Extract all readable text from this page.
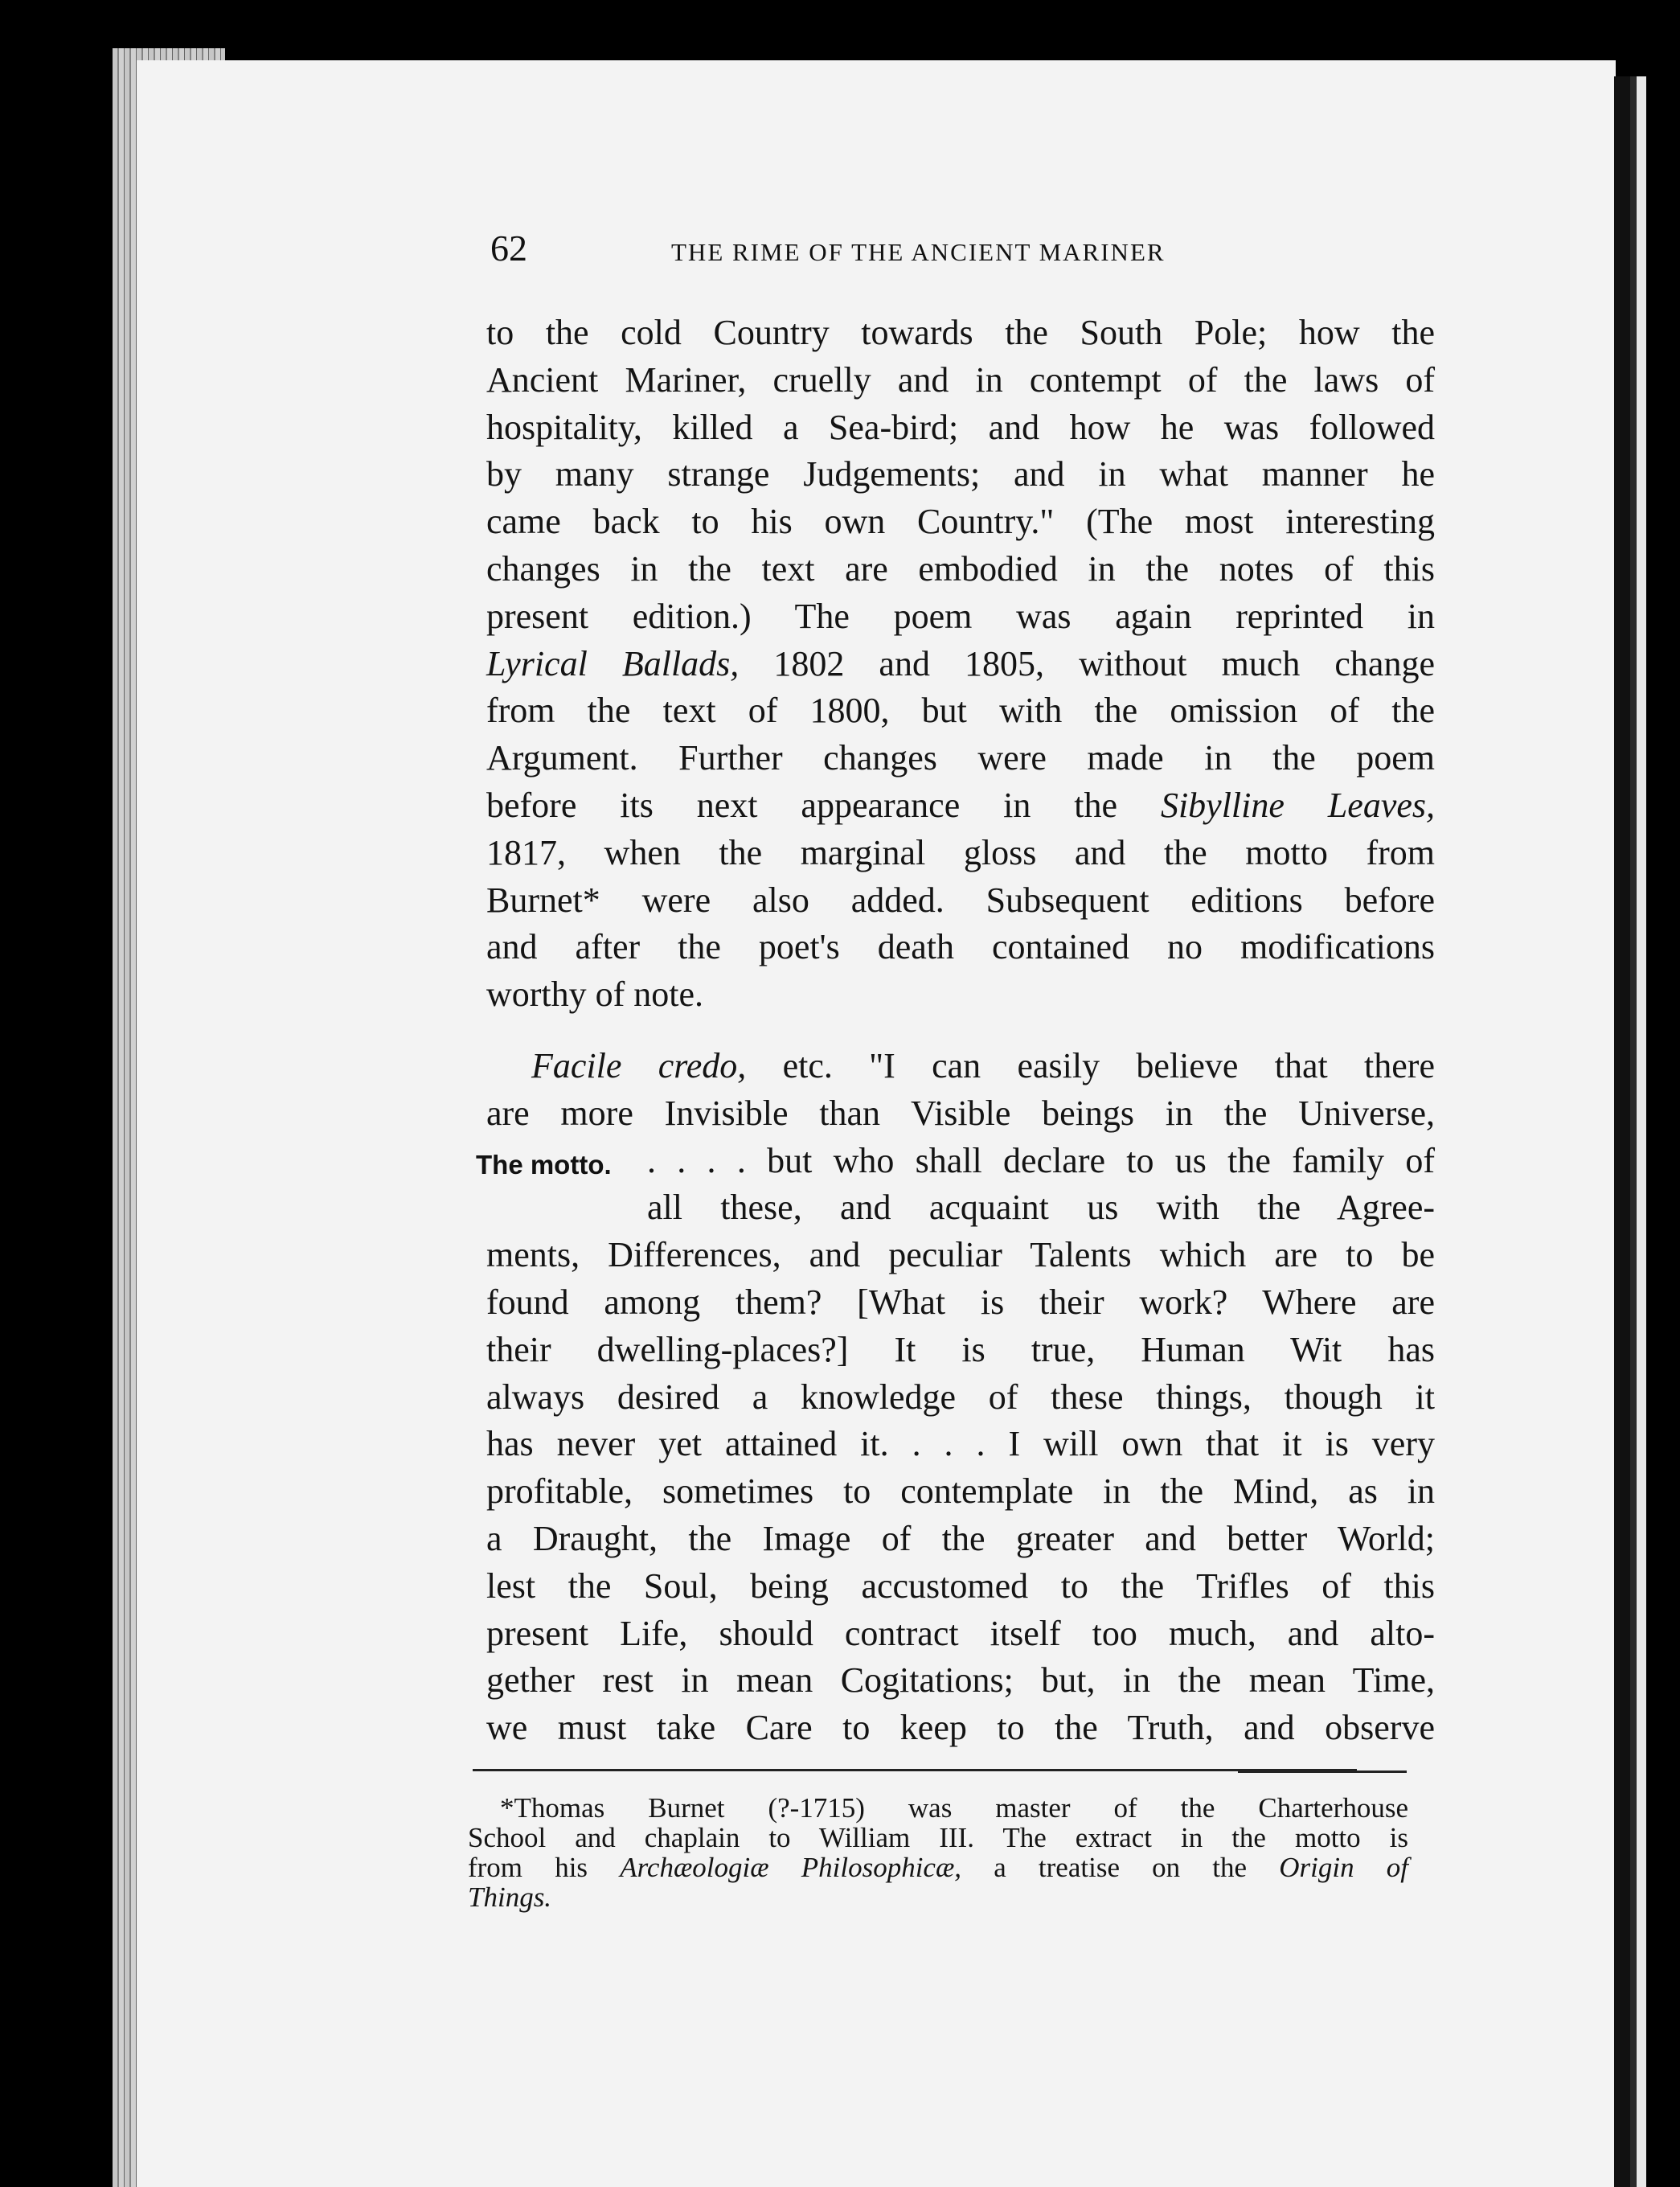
62	THE RIME OF THE ANCIENT MARINER

to the cold Country towards the South Pole; how the
Ancient Mariner, cruelly and in contempt of the laws of
hospitality, killed a Sea-bird; and how he was followed
by many strange Judgements; and in what manner he
came back to his own Country." (The most interesting
changes in the text are embodied in the notes of this
present edition.) The poem was again reprinted in
Lyrical Ballads, 1802 and 1805, without much change
from the text of 1800, but with the omission of the
Argument. Further changes were made in the poem
before its next appearance in the Sibylline Leaves,
1817, when the marginal gloss and the motto from
Burnet* were also added. Subsequent editions before
and after the poet's death contained no modifications
worthy of note.

Facile credo, etc. "I can easily believe that there
are more Invisible than Visible beings in the Universe,
. . . . but who shall declare to us the family of
all these, and acquaint us with the Agree-
ments, Differences, and peculiar Talents which are to be
found among them? [What is their work? Where are
their dwelling-places?] It is true, Human Wit has
always desired a knowledge of these things, though it
has never yet attained it. . . . I will own that it is very
profitable, sometimes to contemplate in the Mind, as in
a Draught, the Image of the greater and better World;
lest the Soul, being accustomed to the Trifles of this
present Life, should contract itself too much, and alto-
gether rest in mean Cogitations; but, in the mean Time,
we must take Care to keep to the Truth, and observe

The motto.
*Thomas Burnet (?-1715) was master of the Charterhouse
School and chaplain to William III. The extract in the motto is
from his Archæologiæ Philosophicæ, a treatise on the Origin of
Things.
